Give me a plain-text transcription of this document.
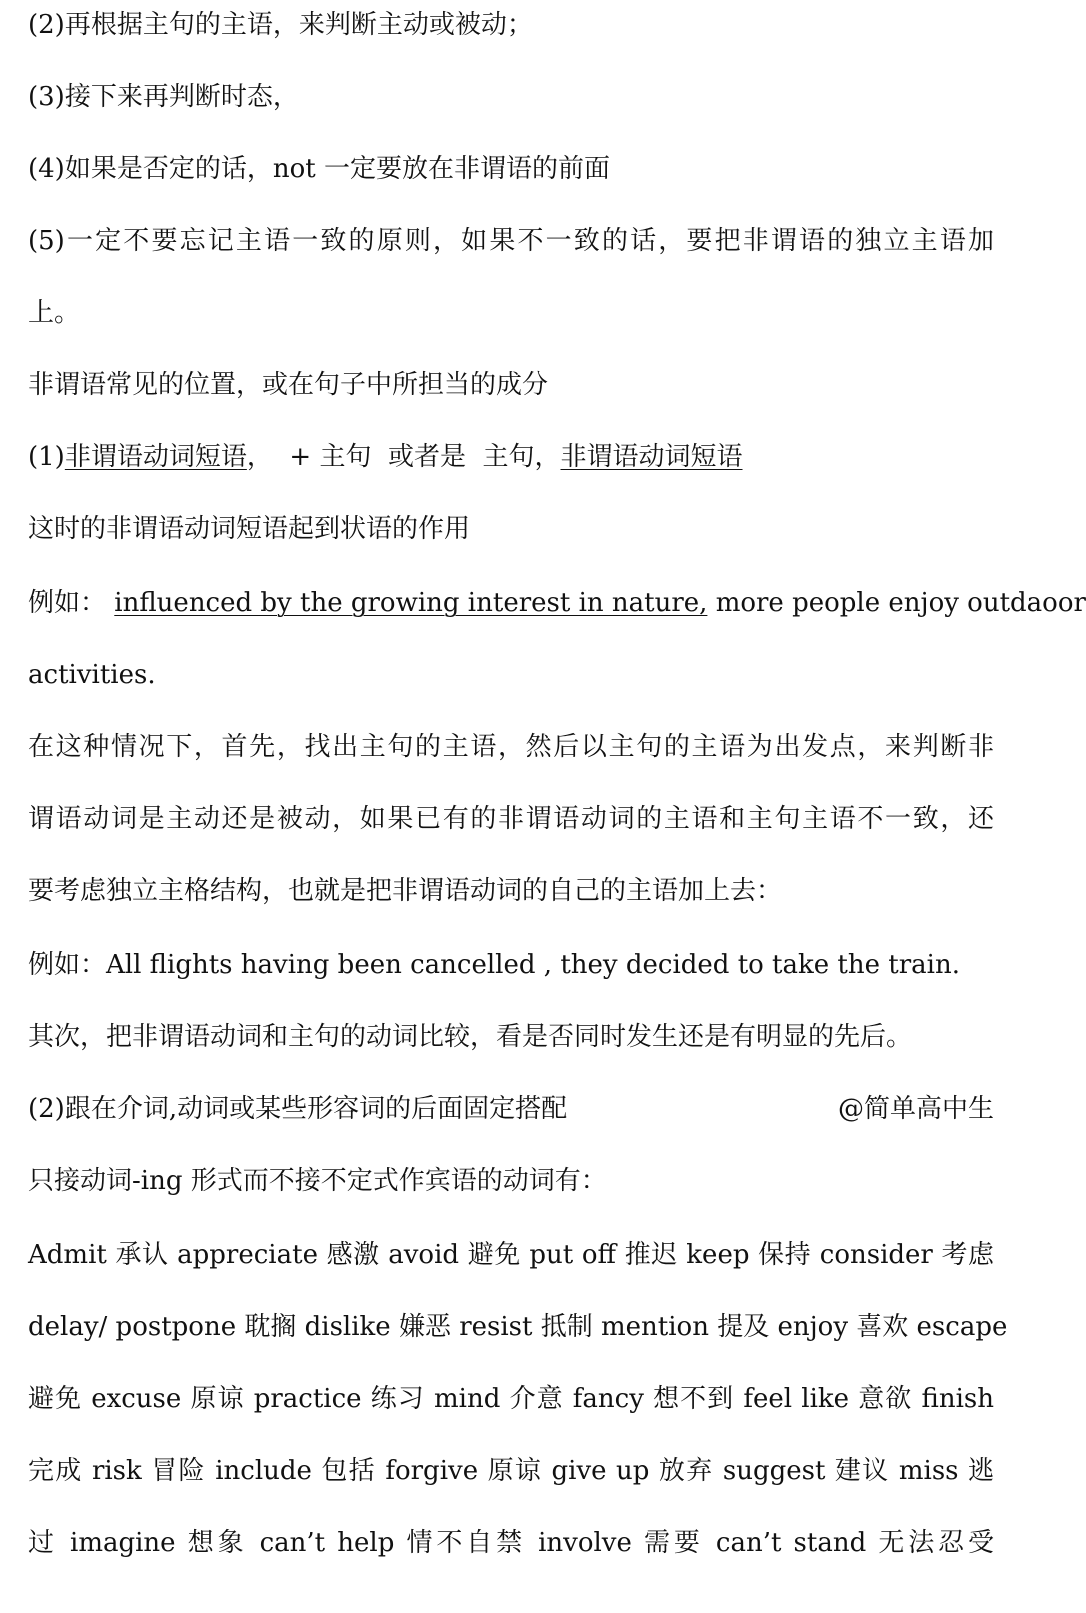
(2)再根据主句的主语，来判断主动或被动；
(3)接下来再判断时态，
(4)如果是否定的话，not 一定要放在非谓语的前面
(5)一定不要忘记主语一致的原则，如果不一致的话，要把非谓语的独立主语加
上。
非谓语常见的位置，或在句子中所担当的成分
(1)非谓语动词短语，  + 主句  或者是  主句，非谓语动词短语
这时的非谓语动词短语起到状语的作用
例如： influenced by the growing interest in nature, more people enjoy outdaoor
activities.
在这种情况下，首先，找出主句的主语，然后以主句的主语为出发点，来判断非
谓语动词是主动还是被动，如果已有的非谓语动词的主语和主句主语不一致，还
要考虑独立主格结构，也就是把非谓语动词的自己的主语加上去：
例如：All flights having been cancelled , they decided to take the train.
其次，把非谓语动词和主句的动词比较，看是否同时发生还是有明显的先后。
(2)跟在介词,动词或某些形容词的后面固定搭配	@简单高中生
只接动词-ing 形式而不接不定式作宾语的动词有：
Admit 承认 appreciate 感激 avoid 避免 put off 推迟 keep 保持 consider 考虑
delay/ postpone 耽搁 dislike 嫌恶 resist 抵制 mention 提及 enjoy 喜欢 escape
避免 excuse 原谅 practice 练习 mind 介意 fancy 想不到 feel like 意欲 finish
完成 risk 冒险 include 包括 forgive 原谅 give up 放弃 suggest 建议 miss 逃
过 imagine 想象 can’t help 情不自禁 involve 需要 can’t stand 无法忍受
